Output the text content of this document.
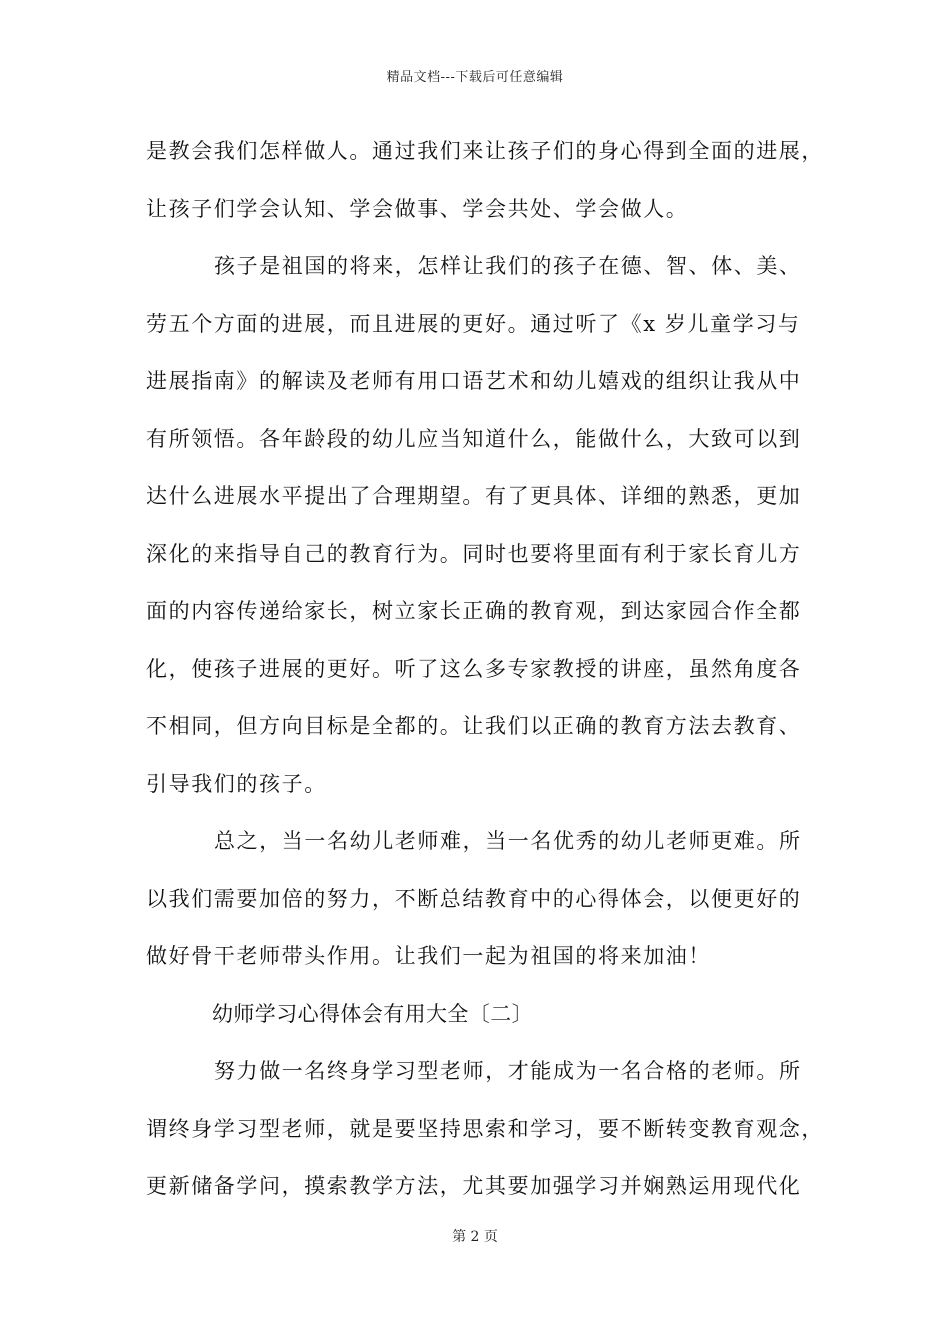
精品文档---下载后可任意编辑
是教会我们怎样做人。通过我们来让孩子们的身心得到全面的进展，
让孩子们学会认知、学会做事、学会共处、学会做人。
孩子是祖国的将来，怎样让我们的孩子在德、智、体、美、
劳五个方面的进展，而且进展的更好。通过听了《x 岁儿童学习与
进展指南》的解读及老师有用口语艺术和幼儿嬉戏的组织让我从中
有所领悟。各年龄段的幼儿应当知道什么，能做什么，大致可以到
达什么进展水平提出了合理期望。有了更具体、详细的熟悉，更加
深化的来指导自己的教育行为。同时也要将里面有利于家长育儿方
面的内容传递给家长，树立家长正确的教育观，到达家园合作全都
化，使孩子进展的更好。听了这么多专家教授的讲座，虽然角度各
不相同，但方向目标是全都的。让我们以正确的教育方法去教育、
引导我们的孩子。
总之，当一名幼儿老师难，当一名优秀的幼儿老师更难。所
以我们需要加倍的努力，不断总结教育中的心得体会，以便更好的
做好骨干老师带头作用。让我们一起为祖国的将来加油！
幼师学习心得体会有用大全〔二〕
努力做一名终身学习型老师，才能成为一名合格的老师。所
谓终身学习型老师，就是要坚持思索和学习，要不断转变教育观念，
更新储备学问，摸索教学方法，尤其要加强学习并娴熟运用现代化
第 2 页
